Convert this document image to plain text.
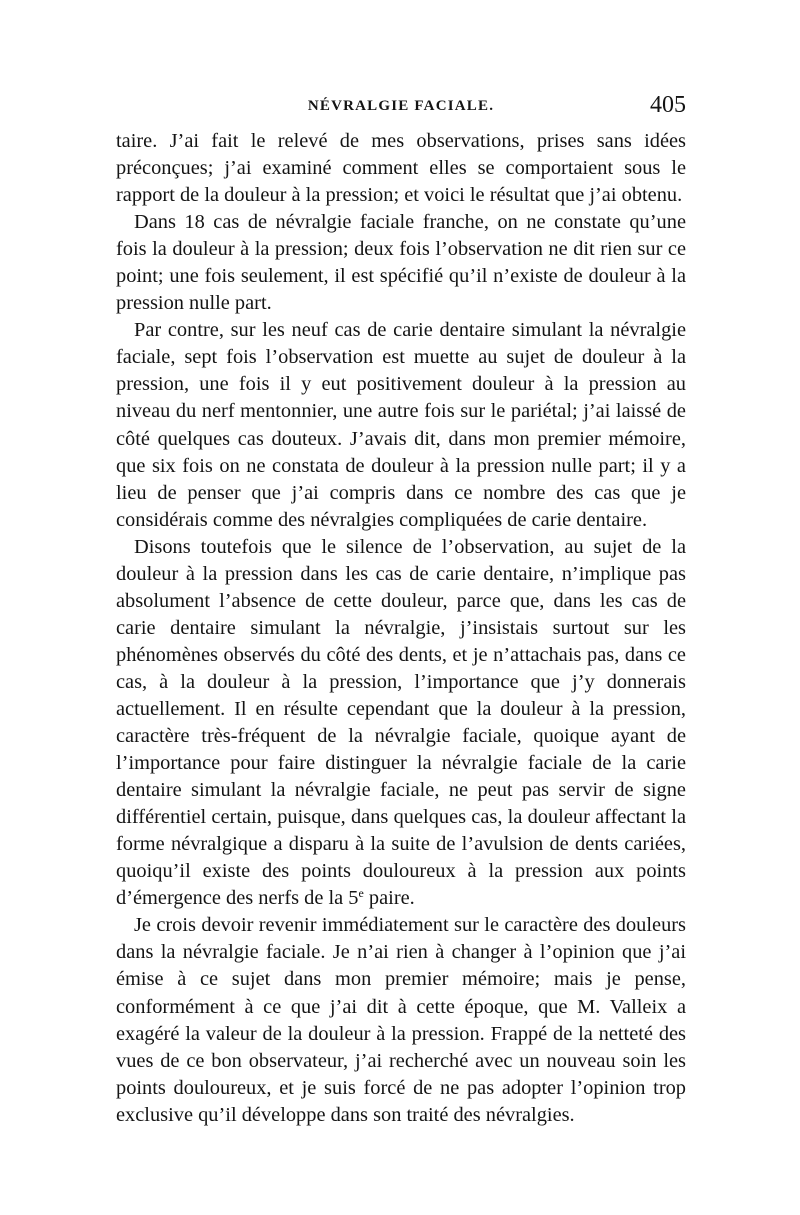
NÉVRALGIE FACIALE.	405

taire. J’ai fait le relevé de mes observations, prises sans idées préconçues; j’ai examiné comment elles se comportaient sous le rapport de la douleur à la pression; et voici le résultat que j’ai obtenu.

Dans 18 cas de névralgie faciale franche, on ne constate qu’une fois la douleur à la pression; deux fois l’observation ne dit rien sur ce point; une fois seulement, il est spécifié qu’il n’existe de douleur à la pression nulle part.

Par contre, sur les neuf cas de carie dentaire simulant la névralgie faciale, sept fois l’observation est muette au sujet de douleur à la pression, une fois il y eut positivement douleur à la pression au niveau du nerf mentonnier, une autre fois sur le pariétal; j’ai laissé de côté quelques cas douteux. J’avais dit, dans mon premier mémoire, que six fois on ne constata de douleur à la pression nulle part; il y a lieu de penser que j’ai compris dans ce nombre des cas que je considérais comme des névralgies compliquées de carie dentaire.

Disons toutefois que le silence de l’observation, au sujet de la douleur à la pression dans les cas de carie dentaire, n’implique pas absolument l’absence de cette douleur, parce que, dans les cas de carie dentaire simulant la névralgie, j’insistais surtout sur les phénomènes observés du côté des dents, et je n’attachais pas, dans ce cas, à la douleur à la pression, l’importance que j’y donnerais actuellement. Il en résulte cependant que la douleur à la pression, caractère très-fréquent de la névralgie faciale, quoique ayant de l’importance pour faire distinguer la névralgie faciale de la carie dentaire simulant la névralgie faciale, ne peut pas servir de signe différentiel certain, puisque, dans quelques cas, la douleur affectant la forme névralgique a disparu à la suite de l’avulsion de dents cariées, quoiqu’il existe des points douloureux à la pression aux points d’émergence des nerfs de la 5e paire.

Je crois devoir revenir immédiatement sur le caractère des douleurs dans la névralgie faciale. Je n’ai rien à changer à l’opinion que j’ai émise à ce sujet dans mon premier mémoire; mais je pense, conformément à ce que j’ai dit à cette époque, que M. Valleix a exagéré la valeur de la douleur à la pression. Frappé de la netteté des vues de ce bon observateur, j’ai recherché avec un nouveau soin les points douloureux, et je suis forcé de ne pas adopter l’opinion trop exclusive qu’il développe dans son traité des névralgies.
